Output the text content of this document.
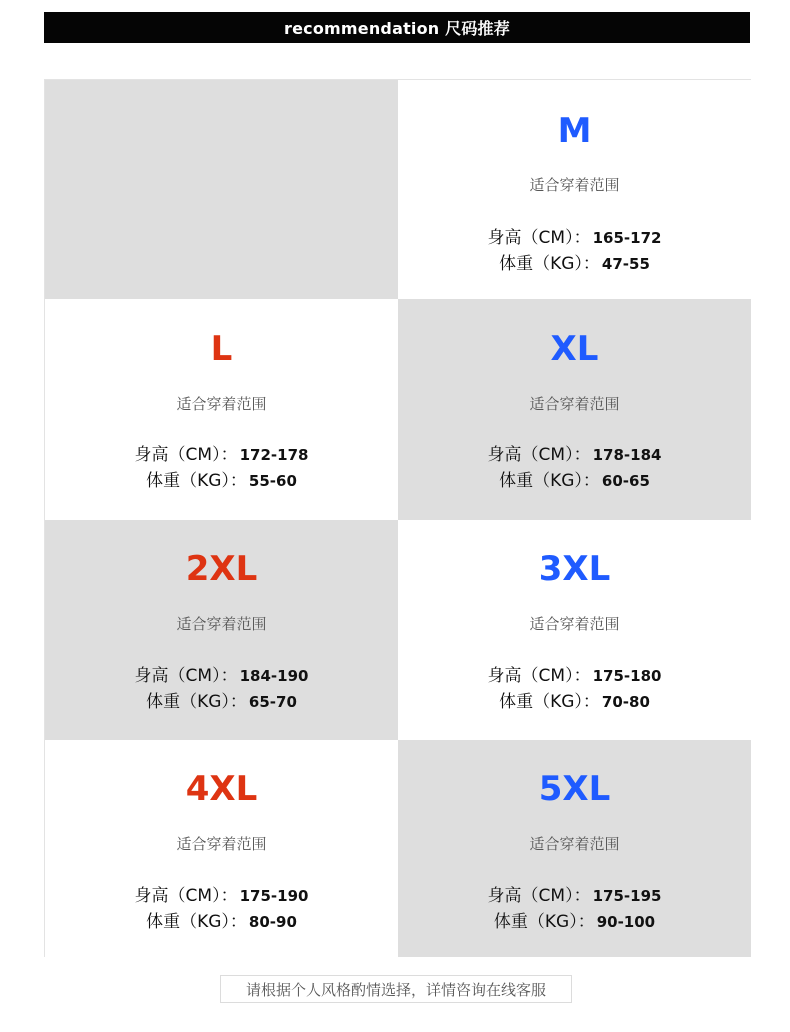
recommendation 尺码推荐
M
适合穿着范围
身高（CM）： 165-172
体重（KG）： 47-55
L
适合穿着范围
身高（CM）： 172-178
体重（KG）： 55-60
XL
适合穿着范围
身高（CM）： 178-184
体重（KG）： 60-65
2XL
适合穿着范围
身高（CM）： 184-190
体重（KG）： 65-70
3XL
适合穿着范围
身高（CM）： 175-180
体重（KG）： 70-80
4XL
适合穿着范围
身高（CM）： 175-190
体重（KG）： 80-90
5XL
适合穿着范围
身高（CM）： 175-195
体重（KG）： 90-100
请根据个人风格酌情选择，详情咨询在线客服
